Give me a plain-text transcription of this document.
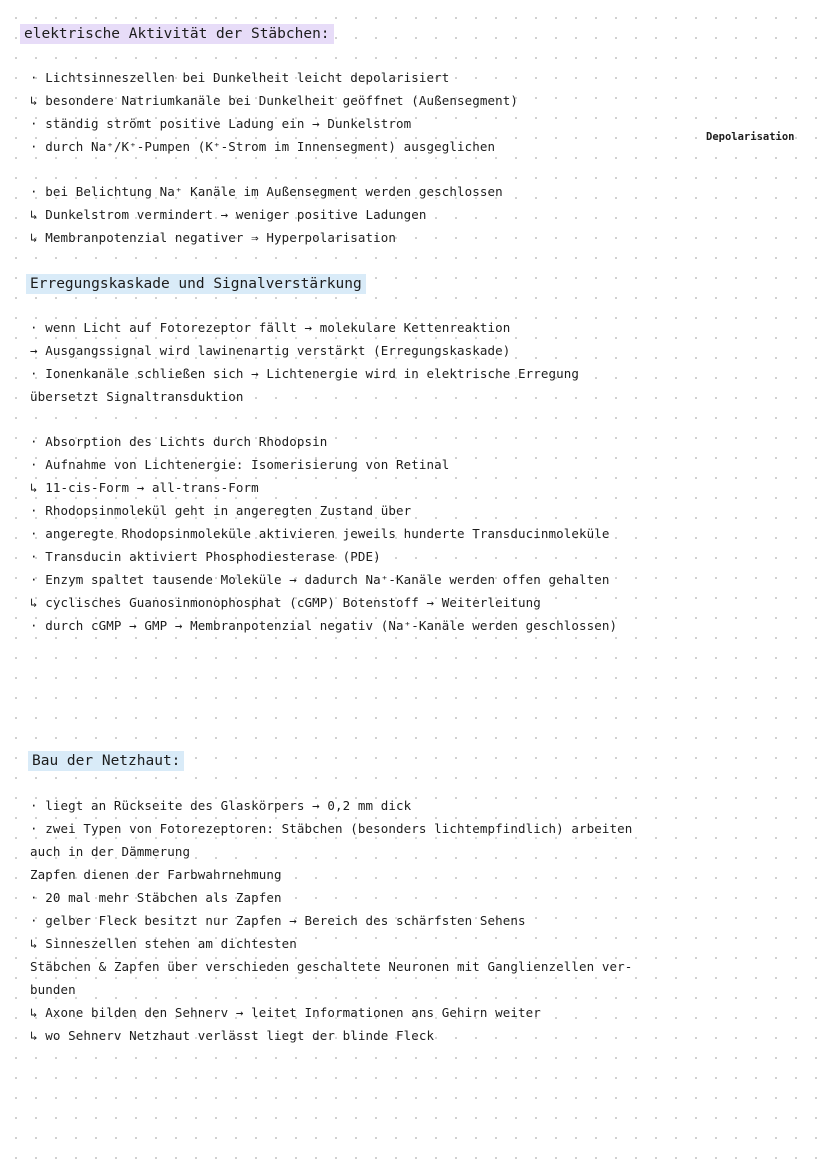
elektrische Aktivität der Stäbchen:
Depolarisation
· Lichtsinneszellen bei Dunkelheit leicht depolarisiert
↳ besondere Natriumkanäle bei Dunkelheit geöffnet (Außensegment)
· ständig strömt positive Ladung ein → Dunkelstrom
· durch Na⁺/K⁺-Pumpen (K⁺-Strom im Innensegment) ausgeglichen
· bei Belichtung Na⁺ Kanäle im Außensegment werden geschlossen
↳ Dunkelstrom vermindert → weniger positive Ladungen
↳ Membranpotenzial negativer ⇒ Hyperpolarisation
Erregungskaskade und Signalverstärkung
· wenn Licht auf Fotorezeptor fällt → molekulare Kettenreaktion
→ Ausgangssignal wird lawinenartig verstärkt (Erregungskaskade)
· Ionenkanäle schließen sich → Lichtenergie wird in elektrische Erregung
übersetzt Signaltransduktion
· Absorption des Lichts durch Rhodopsin
· Aufnahme von Lichtenergie: Isomerisierung von Retinal
↳ 11-cis-Form → all-trans-Form
· Rhodopsinmolekül geht in angeregten Zustand über
· angeregte Rhodopsinmoleküle aktivieren jeweils hunderte Transducinmoleküle
· Transducin aktiviert Phosphodiesterase (PDE)
· Enzym spaltet tausende Moleküle → dadurch Na⁺-Kanäle werden offen gehalten
↳ cyclisches Guanosinmonophosphat (cGMP) Botenstoff → Weiterleitung
· durch cGMP → GMP → Membranpotenzial negativ (Na⁺-Kanäle werden geschlossen)
Bau der Netzhaut:
· liegt an Rückseite des Glaskörpers → 0,2 mm dick
· zwei Typen von Fotorezeptoren: Stäbchen (besonders lichtempfindlich) arbeiten
auch in der Dämmerung
Zapfen dienen der Farbwahrnehmung
· 20 mal mehr Stäbchen als Zapfen
· gelber Fleck besitzt nur Zapfen → Bereich des schärfsten Sehens
↳ Sinneszellen stehen am dichtesten
Stäbchen & Zapfen über verschieden geschaltete Neuronen mit Ganglienzellen ver-
bunden
↳ Axone bilden den Sehnerv → leitet Informationen ans Gehirn weiter
↳ wo Sehnerv Netzhaut verlässt liegt der blinde Fleck
